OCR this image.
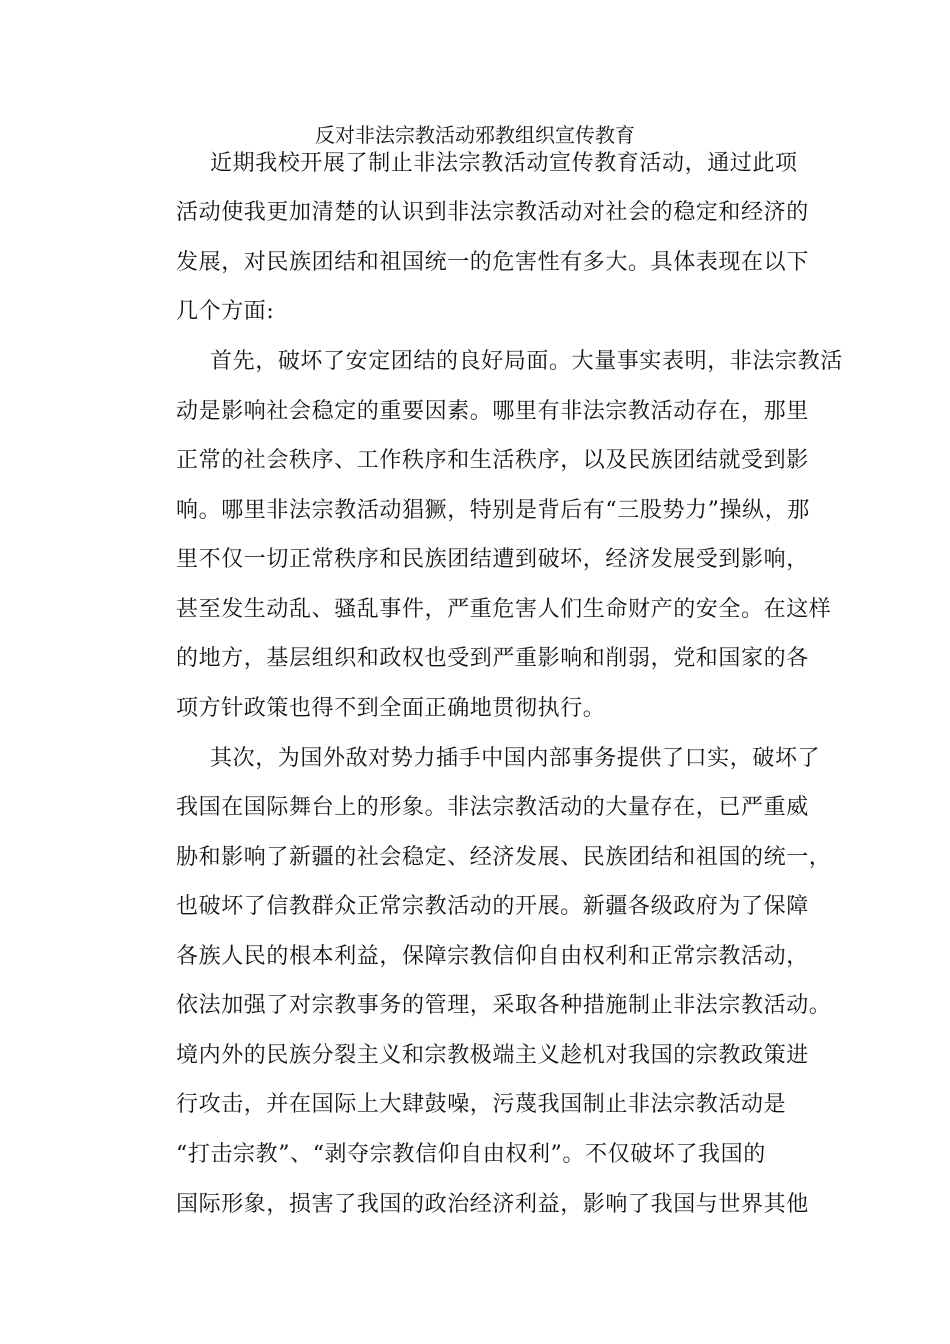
反对非法宗教活动邪教组织宣传教育
近期我校开展了制止非法宗教活动宣传教育活动，通过此项
活动使我更加清楚的认识到非法宗教活动对社会的稳定和经济的
发展，对民族团结和祖国统一的危害性有多大。具体表现在以下
几个方面:
首先，破坏了安定团结的良好局面。大量事实表明，非法宗教活
动是影响社会稳定的重要因素。哪里有非法宗教活动存在，那里
正常的社会秩序、工作秩序和生活秩序，以及民族团结就受到影
响。哪里非法宗教活动猖獗，特别是背后有“三股势力”操纵，那
里不仅一切正常秩序和民族团结遭到破坏，经济发展受到影响，
甚至发生动乱、骚乱事件，严重危害人们生命财产的安全。在这样
的地方，基层组织和政权也受到严重影响和削弱，党和国家的各
项方针政策也得不到全面正确地贯彻执行。
其次，为国外敌对势力插手中国内部事务提供了口实，破坏了
我国在国际舞台上的形象。非法宗教活动的大量存在，已严重威
胁和影响了新疆的社会稳定、经济发展、民族团结和祖国的统一，
也破坏了信教群众正常宗教活动的开展。新疆各级政府为了保障
各族人民的根本利益，保障宗教信仰自由权利和正常宗教活动，
依法加强了对宗教事务的管理，采取各种措施制止非法宗教活动。
境内外的民族分裂主义和宗教极端主义趁机对我国的宗教政策进
行攻击，并在国际上大肆鼓噪，污蔑我国制止非法宗教活动是
“打击宗教”、“剥夺宗教信仰自由权利”。不仅破坏了我国的
国际形象，损害了我国的政治经济利益，影响了我国与世界其他
